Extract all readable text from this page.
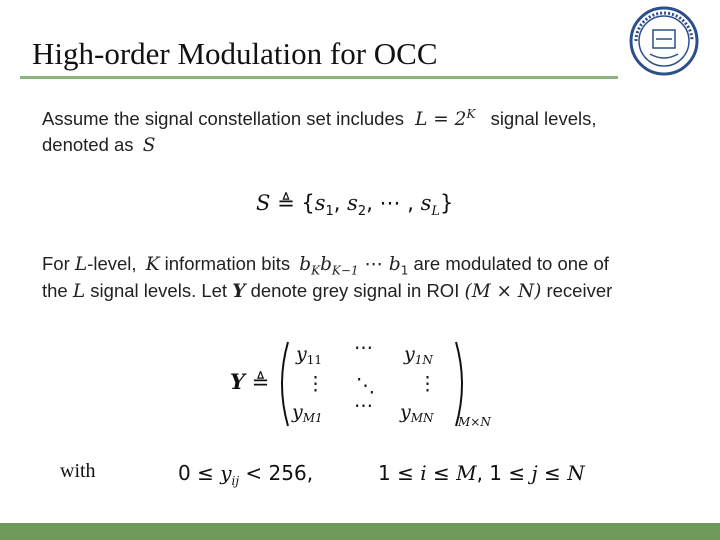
High-order Modulation for OCC
Assume the signal constellation set includes $L = 2^K$ signal levels,
denoted as S
S ≜ {$s_1$, $s_2$, ⋯ , $s_L$}
For L-level, K information bits $b_Kb_{K-1}$ ⋯ $b_1$ are modulated to one of
the L signal levels. Let Y denote grey signal in ROI (M × N) receiver
Y ≜
$y_{11}$
⋯ $y_{1N}$
⋮ ⋱ ⋮
$y_{M1}$
⋯ $y_{MN}$ M×N
with	$0 \le y_{ij} < 256$,	1 ≤ i ≤ M, 1 ≤ j ≤ N
